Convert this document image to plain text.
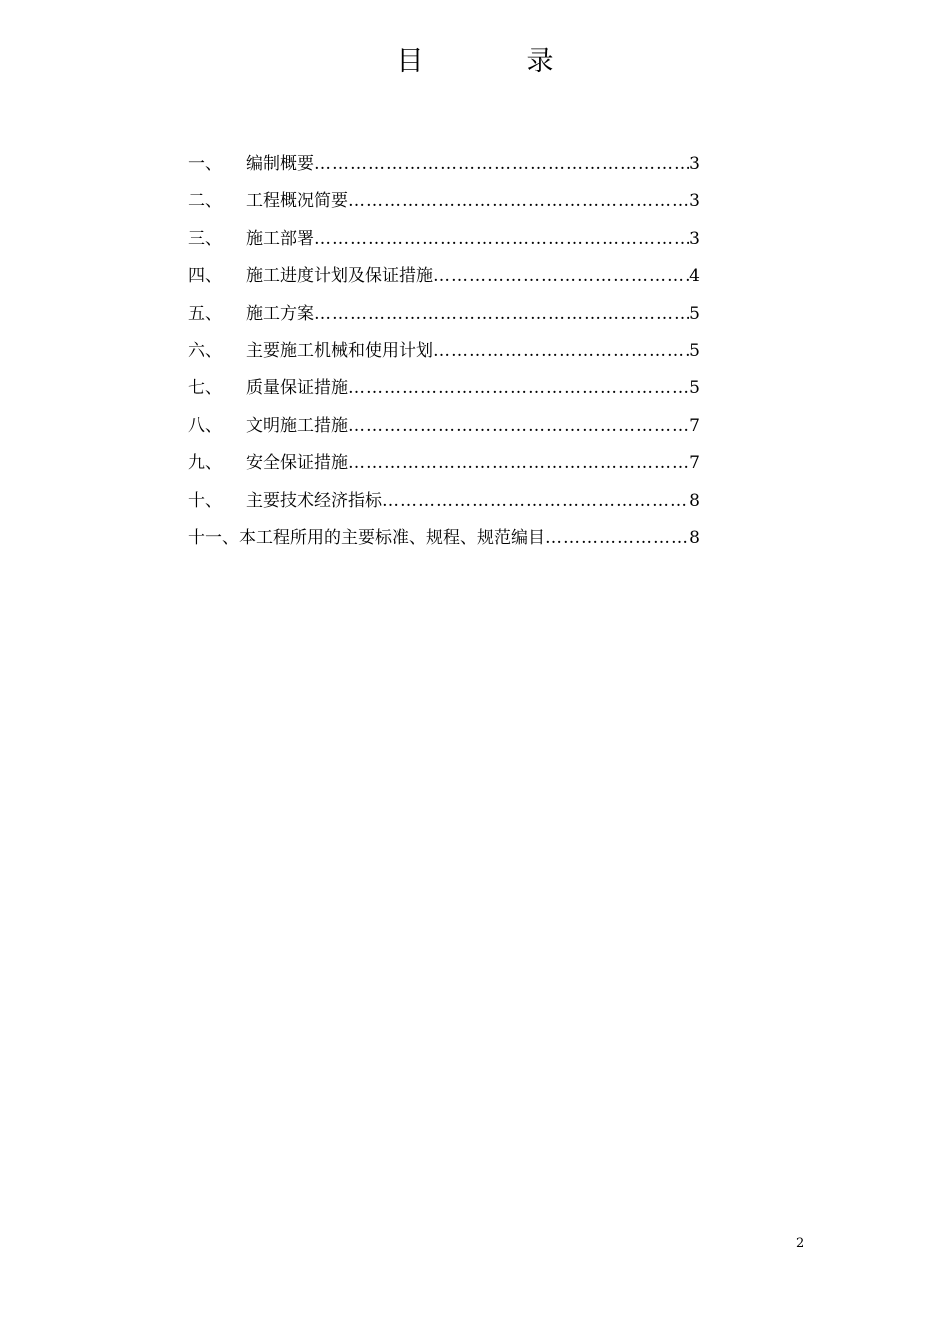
目　录
一、	编制概要 ……………………………………………………………………………………………………………………………………………………………………	3
二、	工程概况简要 ……………………………………………………………………………………………………………………………………………………………………	3
三、	施工部署 ……………………………………………………………………………………………………………………………………………………………………	3
四、	施工进度计划及保证措施 ……………………………………………………………………………………………………………………………………………………………………	4
五、	施工方案 ……………………………………………………………………………………………………………………………………………………………………	5
六、	主要施工机械和使用计划 ……………………………………………………………………………………………………………………………………………………………………	5
七、	质量保证措施 ……………………………………………………………………………………………………………………………………………………………………	5
八、	文明施工措施 ……………………………………………………………………………………………………………………………………………………………………	7
九、	安全保证措施 ……………………………………………………………………………………………………………………………………………………………………	7
十、	主要技术经济指标 ……………………………………………………………………………………………………………………………………………………………………	8
十一、 本工程所用的主要标准、规程、规范编目 ……………………………………………………………………………………………………………………………………………………………………	8
2
